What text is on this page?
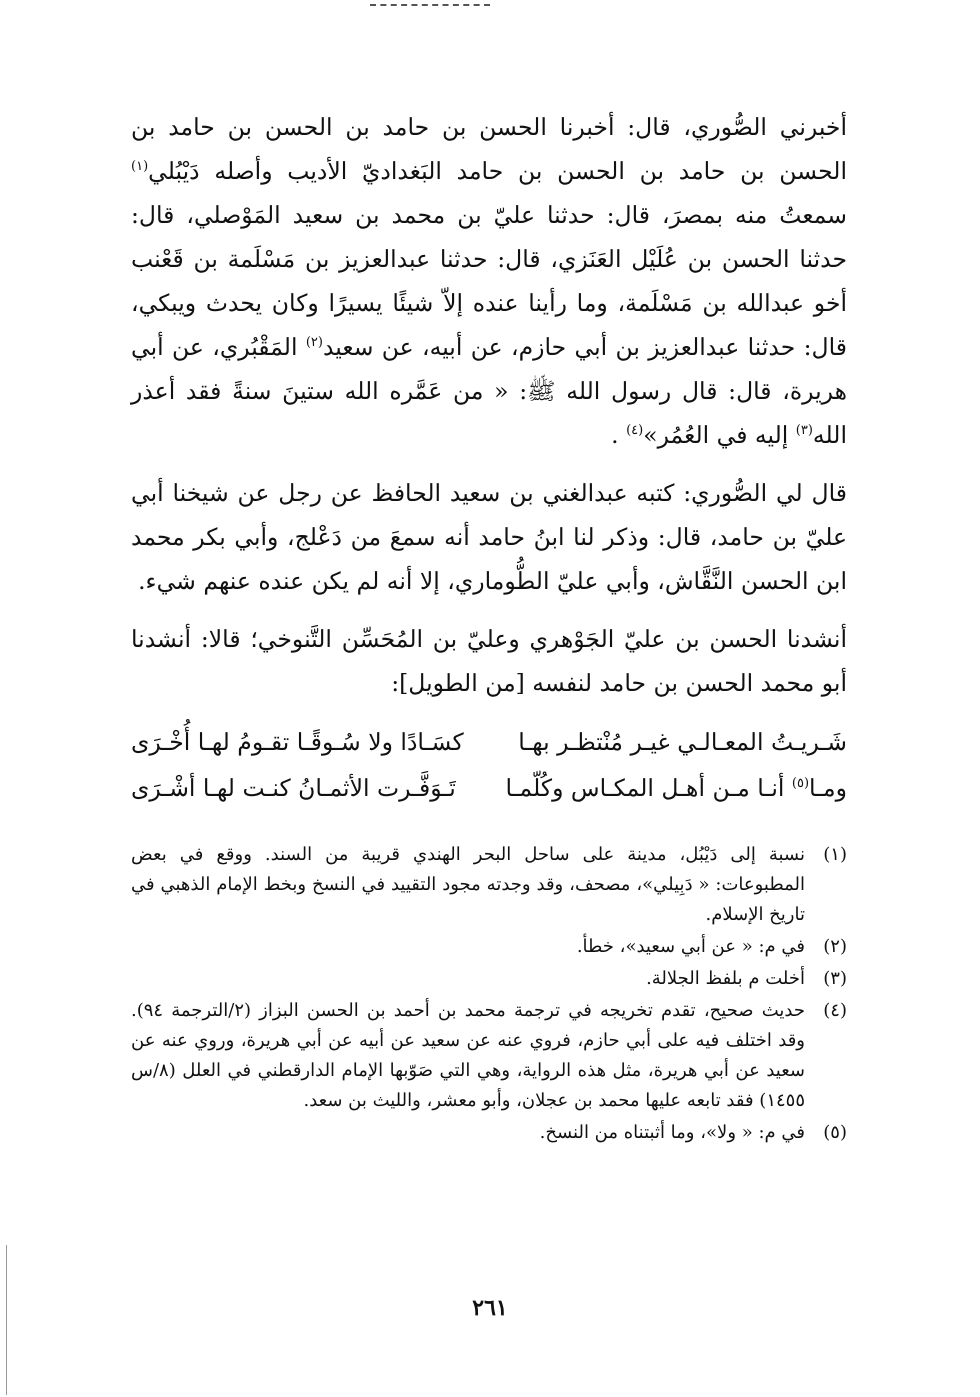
أخبرني الصُّوري، قال: أخبرنا الحسن بن حامد بن الحسن بن حامد بن الحسن بن حامد بن الحسن بن حامد البَغداديّ الأديب وأصله دَيْبُلي$^{(١)}$ سمعتُ منه بمصرَ، قال: حدثنا عليّ بن محمد بن سعيد المَوْصلي، قال: حدثنا الحسن بن عُلَيْل العَنَزي، قال: حدثنا عبدالعزيز بن مَسْلَمة بن قَعْنب أخو عبدالله بن مَسْلَمة، وما رأينا عنده إلاّ شيئًا يسيرًا وكان يحدث ويبكي، قال: حدثنا عبدالعزيز بن أبي حازم، عن أبيه، عن سعيد$^{(٢)}$ المَقْبُري، عن أبي هريرة، قال: قال رسول الله ﷺ: « من عَمَّره الله ستينَ سنةً فقد أعذر الله$^{(٣)}$ إليه في العُمُر»$^{(٤)}$ .

قال لي الصُّوري: كتبه عبدالغني بن سعيد الحافظ عن رجل عن شيخنا أبي عليّ بن حامد، قال: وذكر لنا ابنُ حامد أنه سمعَ من دَعْلج، وأبي بكر محمد ابن الحسن النَّقَّاش، وأبي عليّ الطُّوماري، إلا أنه لم يكن عنده عنهم شيء.

أنشدنا الحسن بن عليّ الجَوْهري وعليّ بن المُحَسِّن التَّنوخي؛ قالا: أنشدنا أبو محمد الحسن بن حامد لنفسه [من الطويل]:

شَـريـتُ المعـالـي غيـر مُنْتظـر بهـا
كسَـادًا ولا سُـوقًـا تقـومُ لهـا أُخْـرَى
ومـا$^{(٥)}$ أنـا مـن أهـل المكـاس وكُلّمـا
تَـوَفَّـرت الأثمـانُ كنـت لهـا أشْـرَى
(١)
نسبة إلى دَيْبُل، مدينة على ساحل البحر الهندي قريبة من السند. ووقع في بعض المطبوعات: « دَبِيلي»، مصحف، وقد وجدته مجود التقييد في النسخ وبخط الإمام الذهبي في تاريخ الإسلام.
(٢)
في م: « عن أبي سعيد»، خطأ.
(٣)
أخلت م بلفظ الجلالة.
(٤)
حديث صحيح، تقدم تخريجه في ترجمة محمد بن أحمد بن الحسن البزاز (٢/الترجمة ٩٤). وقد اختلف فيه على أبي حازم، فروي عنه عن سعيد عن أبيه عن أبي هريرة، وروي عنه عن سعيد عن أبي هريرة، مثل هذه الرواية، وهي التي صَوّبها الإمام الدارقطني في العلل (٨/س ١٤٥٥) فقد تابعه عليها محمد بن عجلان، وأبو معشر، والليث بن سعد.
(٥)
في م: « ولا»، وما أثبتناه من النسخ.
٢٦١
